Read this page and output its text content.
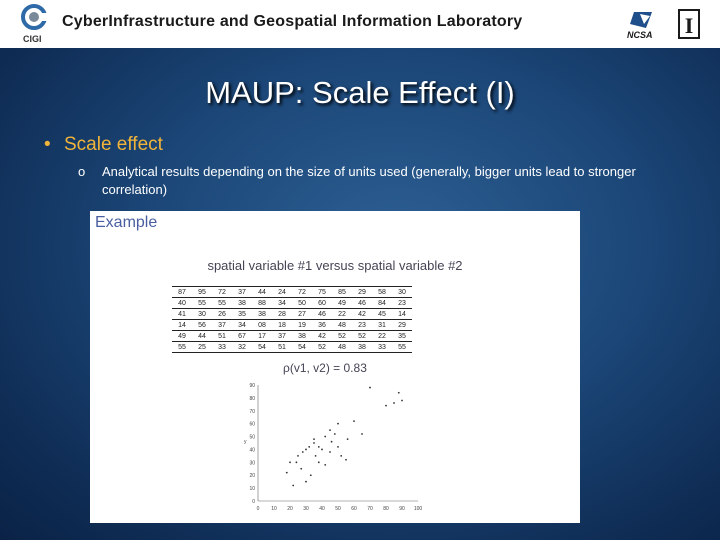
CIGI
CyberInfrastructure and Geospatial Information Laboratory
NCSA I
MAUP: Scale Effect (I)
• Scale effect
o Analytical results depending on the size of units used (generally, bigger units lead to stronger correlation)
Example
spatial variable #1 versus spatial variable #2
87	95	72	37	44	24	72	75	85	29	58	30
40	55	55	38	88	34	50	60	49	46	84	23
41	30	26	35	38	28	27	46	22	42	45	14
14	56	37	34	08	18	19	36	48	23	31	29
49	44	51	67	17	37	38	42	52	52	22	35
55	25	33	32	54	51	54	52	48	38	33	55
ρ(v1, v2) = 0.83
0 10 20 30 40 50 60 70 80 90 100
0
10
20
30
40
50
60
70
80
90
y
